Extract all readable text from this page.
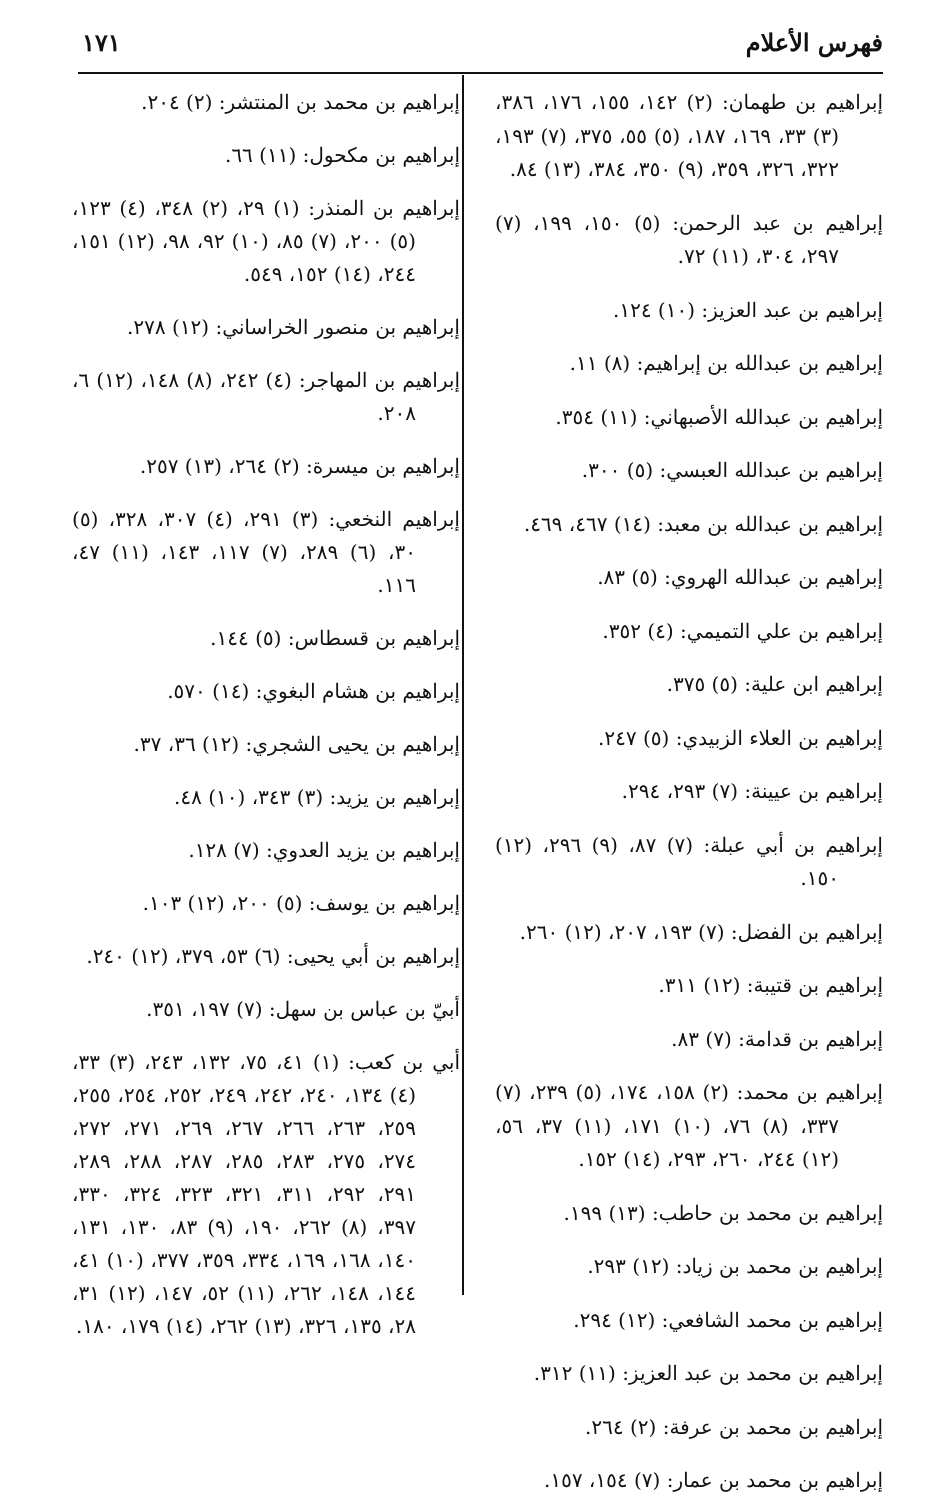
فهرس الأعلام
١٧١

إبراهيم بن طهمان: (٢) ١٤٢، ١٥٥، ١٧٦، ٣٨٦، (٣) ٣٣، ١٦٩، ١٨٧، (٥) ٥٥، ٣٧٥، (٧) ١٩٣، ٣٢٢، ٣٢٦، ٣٥٩، (٩) ٣٥٠، ٣٨٤، (١٣) ٨٤.

إبراهيم بن عبد الرحمن: (٥) ١٥٠، ١٩٩، (٧) ٢٩٧، ٣٠٤، (١١) ٧٢.

إبراهيم بن عبد العزيز: (١٠) ١٢٤.

إبراهيم بن عبدالله بن إبراهيم: (٨) ١١.

إبراهيم بن عبدالله الأصبهاني: (١١) ٣٥٤.

إبراهيم بن عبدالله العبسي: (٥) ٣٠٠.

إبراهيم بن عبدالله بن معبد: (١٤) ٤٦٧، ٤٦٩.

إبراهيم بن عبدالله الهروي: (٥) ٨٣.

إبراهيم بن علي التميمي: (٤) ٣٥٢.

إبراهيم ابن علية: (٥) ٣٧٥.

إبراهيم بن العلاء الزبيدي: (٥) ٢٤٧.

إبراهيم بن عيينة: (٧) ٢٩٣، ٢٩٤.

إبراهيم بن أبي عبلة: (٧) ٨٧، (٩) ٢٩٦، (١٢) ١٥٠.

إبراهيم بن الفضل: (٧) ١٩٣، ٢٠٧، (١٢) ٢٦٠.

إبراهيم بن قتيبة: (١٢) ٣١١.

إبراهيم بن قدامة: (٧) ٨٣.

إبراهيم بن محمد: (٢) ١٥٨، ١٧٤، (٥) ٢٣٩، (٧) ٣٣٧، (٨) ٧٦، (١٠) ١٧١، (١١) ٣٧، ٥٦، (١٢) ٢٤٤، ٢٦٠، ٢٩٣، (١٤) ١٥٢.

إبراهيم بن محمد بن حاطب: (١٣) ١٩٩.

إبراهيم بن محمد بن زياد: (١٢) ٢٩٣.

إبراهيم بن محمد الشافعي: (١٢) ٢٩٤.

إبراهيم بن محمد بن عبد العزيز: (١١) ٣١٢.

إبراهيم بن محمد بن عرفة: (٢) ٢٦٤.

إبراهيم بن محمد بن عمار: (٧) ١٥٤، ١٥٧.

إبراهيم بن محمد بن المنتشر: (٢) ٢٠٤.

إبراهيم بن مكحول: (١١) ٦٦.

إبراهيم بن المنذر: (١) ٢٩، (٢) ٣٤٨، (٤) ١٢٣، (٥) ٢٠٠، (٧) ٨٥، (١٠) ٩٢، ٩٨، (١٢) ١٥١، ٢٤٤، (١٤) ١٥٢، ٥٤٩.

إبراهيم بن منصور الخراساني: (١٢) ٢٧٨.

إبراهيم بن المهاجر: (٤) ٢٤٢، (٨) ١٤٨، (١٢) ٦، ٢٠٨.

إبراهيم بن ميسرة: (٢) ٢٦٤، (١٣) ٢٥٧.

إبراهيم النخعي: (٣) ٢٩١، (٤) ٣٠٧، ٣٢٨، (٥) ٣٠، (٦) ٢٨٩، (٧) ١١٧، ١٤٣، (١١) ٤٧، ١١٦.

إبراهيم بن قسطاس: (٥) ١٤٤.

إبراهيم بن هشام البغوي: (١٤) ٥٧٠.

إبراهيم بن يحيى الشجري: (١٢) ٣٦، ٣٧.

إبراهيم بن يزيد: (٣) ٣٤٣، (١٠) ٤٨.

إبراهيم بن يزيد العدوي: (٧) ١٢٨.

إبراهيم بن يوسف: (٥) ٢٠٠، (١٢) ١٠٣.

إبراهيم بن أبي يحيى: (٦) ٥٣، ٣٧٩، (١٢) ٢٤٠.

أبيّ بن عباس بن سهل: (٧) ١٩٧، ٣٥١.

أبي بن كعب: (١) ٤١، ٧٥، ١٣٢، ٢٤٣، (٣) ٣٣، (٤) ١٣٤، ٢٤٠، ٢٤٢، ٢٤٩، ٢٥٢، ٢٥٤، ٢٥٥، ٢٥٩، ٢٦٣، ٢٦٦، ٢٦٧، ٢٦٩، ٢٧١، ٢٧٢، ٢٧٤، ٢٧٥، ٢٨٣، ٢٨٥، ٢٨٧، ٢٨٨، ٢٨٩، ٢٩١، ٢٩٢، ٣١١، ٣٢١، ٣٢٣، ٣٢٤، ٣٣٠، ٣٩٧، (٨) ٢٦٢، ١٩٠، (٩) ٨٣، ١٣٠، ١٣١، ١٤٠، ١٦٨، ١٦٩، ٣٣٤، ٣٥٩، ٣٧٧، (١٠) ٤١، ١٤٤، ١٤٨، ٢٦٢، (١١) ٥٢، ١٤٧، (١٢) ٣١، ٢٨، ١٣٥، ٣٢٦، (١٣) ٢٦٢، (١٤) ١٧٩، ١٨٠.
